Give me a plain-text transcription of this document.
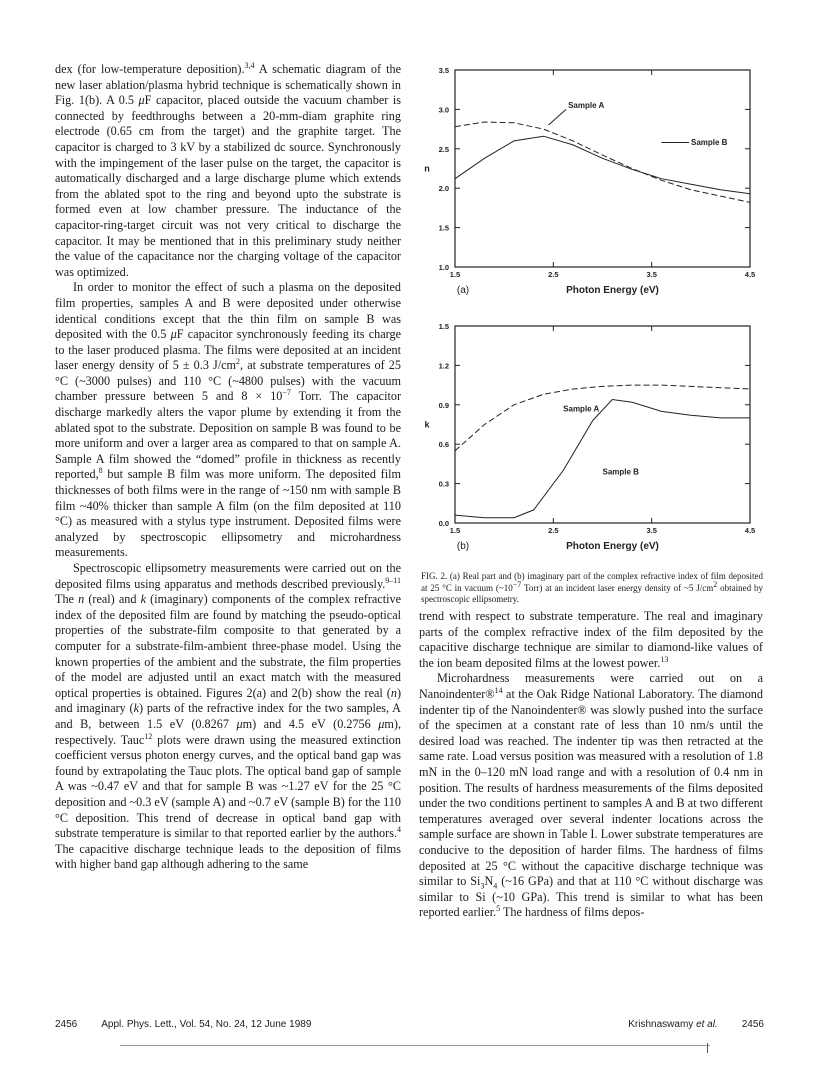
dex (for low-temperature deposition).$^{3,4}$ A schematic diagram of the new laser ablation/plasma hybrid technique is schematically shown in Fig. 1(b). A 0.5 μF capacitor, placed outside the vacuum chamber is connected by feedthroughs between a 20-mm-diam graphite ring electrode (0.65 cm from the target) and the graphite target. The capacitor is charged to 3 kV by a stabilized dc source. Synchronously with the impingement of the laser pulse on the target, the capacitor is automatically discharged and a large discharge plume which extends from the ablated spot to the ring and beyond upto the substrate is formed even at low chamber pressure. The inductance of the capacitor-ring-target circuit was not very critical to discharge the capacitor. It may be mentioned that in this preliminary study neither the value of the capacitance nor the charging voltage of the capacitor was optimized.

In order to monitor the effect of such a plasma on the deposited film properties, samples A and B were deposited under otherwise identical conditions except that the thin film on sample B was deposited with the 0.5 μF capacitor synchronously feeding its charge to the laser produced plasma. The films were deposited at an incident laser energy density of 5 ± 0.3 $J/cm^2$, at substrate temperatures of 25 °C (~3000 pulses) and 110 °C (~4800 pulses) with the vacuum chamber pressure between 5 and $8 \times 10^{-7}$ Torr. The capacitor discharge markedly alters the vapor plume by extending it from the ablated spot to the substrate. Deposition on sample B was found to be more uniform and over a larger area as compared to that on sample A. Sample A film showed the “domed” profile in thickness as recently reported,$^8$ but sample B film was more uniform. The deposited film thicknesses of both films were in the range of ~150 nm with sample B film ~40% thicker than sample A film (on the film deposited at 110 °C) as measured with a stylus type instrument. Deposited films were analyzed by spectroscopic ellipsometry and microhardness measurements.

Spectroscopic ellipsometry measurements were carried out on the deposited films using apparatus and methods described previously.$^{9-11}$ The n (real) and k (imaginary) components of the complex refractive index of the deposited film are found by matching the pseudo-optical properties of the substrate-film composite to that generated by a computer for a substrate-film-ambient three-phase model. Using the known properties of the ambient and the substrate, the film properties of the model are adjusted until an exact match with the measured optical properties is obtained. Figures 2(a) and 2(b) show the real (n) and imaginary (k) parts of the refractive index for the two samples, A and B, between 1.5 eV (0.8267 μm) and 4.5 eV (0.2756 μm), respectively. Tauc$^{12}$ plots were drawn using the measured extinction coefficient versus photon energy curves, and the optical band gap was found by extrapolating the Tauc plots. The optical band gap of sample A was ~0.47 eV and that for sample B was ~1.27 eV for the 25 °C deposition and ~0.3 eV (sample A) and ~0.7 eV (sample B) for the 110 °C deposition. This trend of decrease in optical band gap with substrate temperature is similar to that reported earlier by the authors.$^4$ The capacitive discharge technique leads to the deposition of films with higher band gap although adhering to the same

1.0
1.5
2.0
2.5
3.0
3.5
1.5	2.5	3.5	4.5
n
Photon Energy (eV)
(a)
Sample A
Sample B
0.0
0.3
0.6
0.9
1.2
1.5
1.5	2.5	3.5	4.5
k
Photon Energy (eV)
(b)
Sample A
Sample B
FIG. 2. (a) Real part and (b) imaginary part of the complex refractive index of film deposited at 25 °C in vacuum ($\sim 10^{-7}$ Torr) at an incident laser energy density of ~5 $J/cm^2$ obtained by spectroscopic ellipsometry.

trend with respect to substrate temperature. The real and imaginary parts of the complex refractive index of the film deposited by the capacitive discharge technique are similar to diamond-like values of the ion beam deposited films at the lowest power.$^{13}$

Microhardness measurements were carried out on a Nanoindenter®$^{14}$ at the Oak Ridge National Laboratory. The diamond indenter tip of the Nanoindenter® was slowly pushed into the surface of the specimen at a constant rate of less than 10 nm/s until the desired load was reached. The indenter tip was then retracted at the same rate. Load versus position was measured with a resolution of 1.8 mN in the 0–120 mN load range and with a resolution of 0.4 nm in position. The results of hardness measurements of the films deposited under the two conditions pertinent to samples A and B at two different temperatures averaged over several indenter locations across the sample surface are shown in Table I. Lower substrate temperatures are conducive to the deposition of harder films. The hardness of films deposited at 25 °C without the capacitive discharge technique was similar to $Si_3N_4$ (~16 GPa) and that at 110 °C without discharge was similar to Si (~10 GPa). This trend is similar to what has been reported earlier.$^5$ The hardness of films depos-

2456 Appl. Phys. Lett., Vol. 54, No. 24, 12 June 1989	Krishnaswamy et al. 2456
